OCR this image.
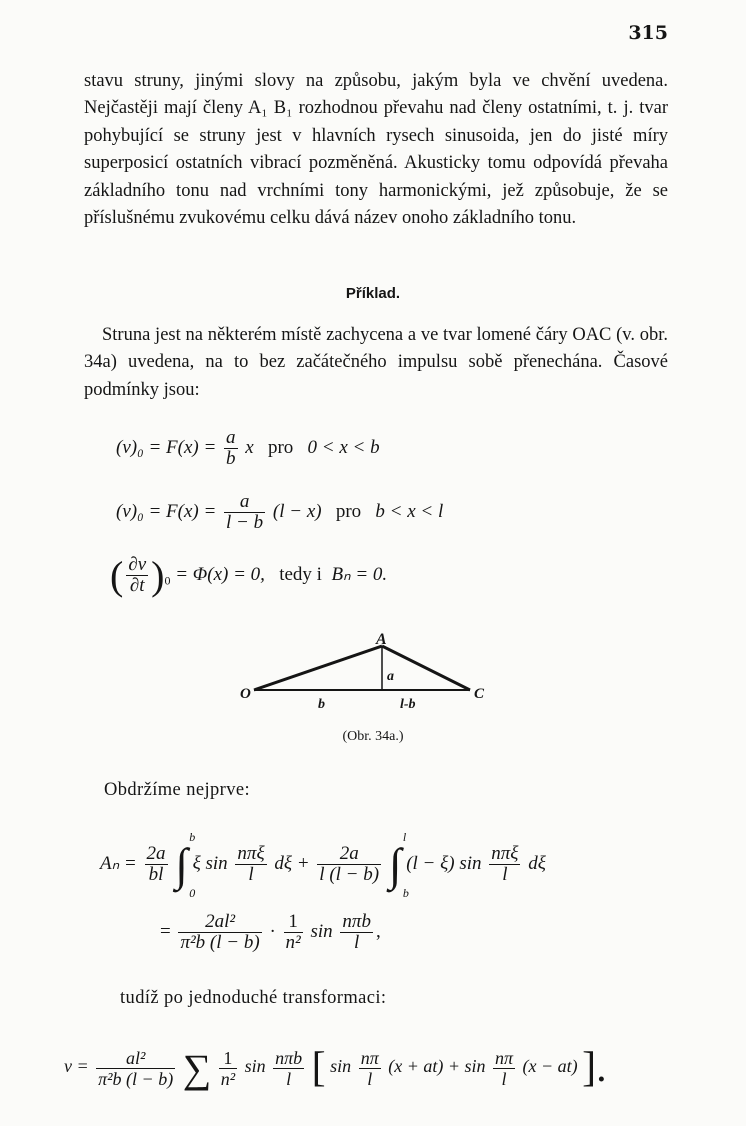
315

stavu struny, jinými slovy na způsobu, jakým byla ve chvění uvedena. Nejčastěji mají členy A₁ B₁ rozhodnou převahu nad členy ostatními, t. j. tvar pohybující se struny jest v hlavních rysech sinusoida, jen do jisté míry superposicí ostatních vibrací pozměněná. Akusticky tomu odpovídá převaha základního tonu nad vrchními tony harmonickými, jež způsobuje, že se příslušnému zvukovému celku dává název onoho základního tonu.

Příklad.

Struna jest na některém místě zachycena a ve tvar lomené čáry OAC (v. obr. 34a) uvedena, na to bez začátečného impulsu sobě přenechána. Časové podmínky jsou:

$(v)_0 = F(x) = \frac{a}{b}$ x pro 0 < x < b
$(v)_0 = F(x) = \frac{a}{l - b} (l - x)$ pro b < x < l
( $\frac{\partial v}{\partial t} )_0 = \Phi(x) = 0$, tedy i Bₙ = 0.
A
a
O	C
b	l-b
(Obr. 34a.)
Obdržíme nejprve:
$A_n = \frac{2a}{bl}$ ∫
b
0
ξ $\sin \frac{\text{nπξ}}{l}$ $d\xi + \frac{2a}{l (l - b)}$ ∫
l
b
(l − ξ) $\sin \frac{\text{nπξ}}{l}$ dξ
= $\frac{\text{2al²}}{\text{π²b (l − b)}} \cdot \frac{1}{\text{n²}}$ $\sin \frac{\text{nπb}}{l}$ ,
tudíž po jednoduché transformaci:
$v = \frac{\text{al²}}{\text{π²b (l − b)}}$ ∑ $\frac{1}{\text{n²}}$ $\sin \frac{\text{nπb}}{l}$ [ $\sin \frac{n\pi}{l} (x + at) + \sin \frac{n\pi}{l} (x - at)$ ].
